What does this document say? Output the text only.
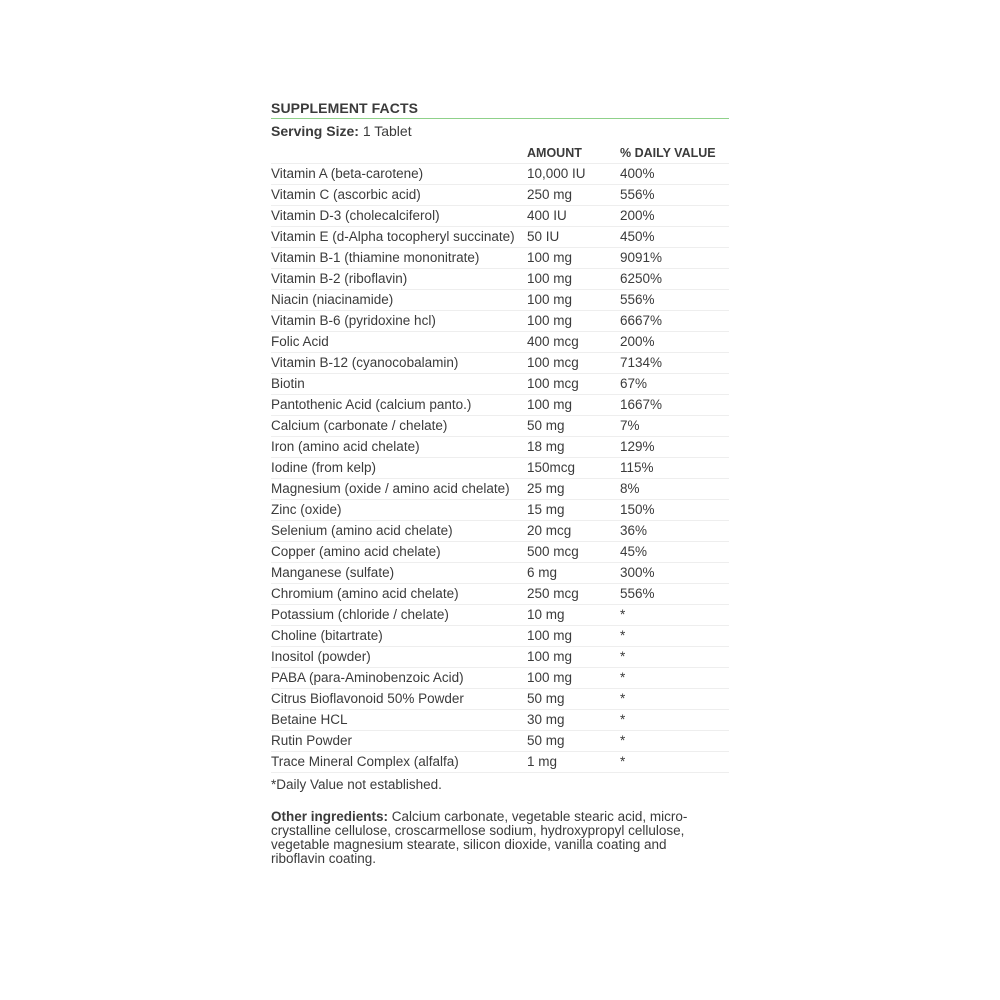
SUPPLEMENT FACTS
Serving Size: 1 Tablet
AMOUNT	% DAILY VALUE
Vitamin A (beta-carotene)	10,000 IU	400%
Vitamin C (ascorbic acid)	250 mg	556%
Vitamin D-3 (cholecalciferol)	400 IU	200%
Vitamin E (d-Alpha tocopheryl succinate) 50 IU	450%
Vitamin B-1 (thiamine mononitrate)	100 mg	9091%
Vitamin B-2 (riboflavin)	100 mg	6250%
Niacin (niacinamide)	100 mg	556%
Vitamin B-6 (pyridoxine hcl)	100 mg	6667%
Folic Acid	400 mcg	200%
Vitamin B-12 (cyanocobalamin)	100 mcg	7134%
Biotin	100 mcg	67%
Pantothenic Acid (calcium panto.)	100 mg	1667%
Calcium (carbonate / chelate)	50 mg	7%
Iron (amino acid chelate)	18 mg	129%
Iodine (from kelp)	150mcg	115%
Magnesium (oxide / amino acid chelate)	25 mg	8%
Zinc (oxide)	15 mg	150%
Selenium (amino acid chelate)	20 mcg	36%
Copper (amino acid chelate)	500 mcg	45%
Manganese (sulfate)	6 mg	300%
Chromium (amino acid chelate)	250 mcg	556%
Potassium (chloride / chelate)	10 mg	*
Choline (bitartrate)	100 mg	*
Inositol (powder)	100 mg	*
PABA (para-Aminobenzoic Acid)	100 mg	*
Citrus Bioflavonoid 50% Powder	50 mg	*
Betaine HCL	30 mg	*
Rutin Powder	50 mg	*
Trace Mineral Complex (alfalfa)	1 mg	*
*Daily Value not established.
Other ingredients: Calcium carbonate, vegetable stearic acid, micro-crystalline cellulose, croscarmellose sodium, hydroxypropyl cellulose, vegetable magnesium stearate, silicon dioxide, vanilla coating and riboflavin coating.
